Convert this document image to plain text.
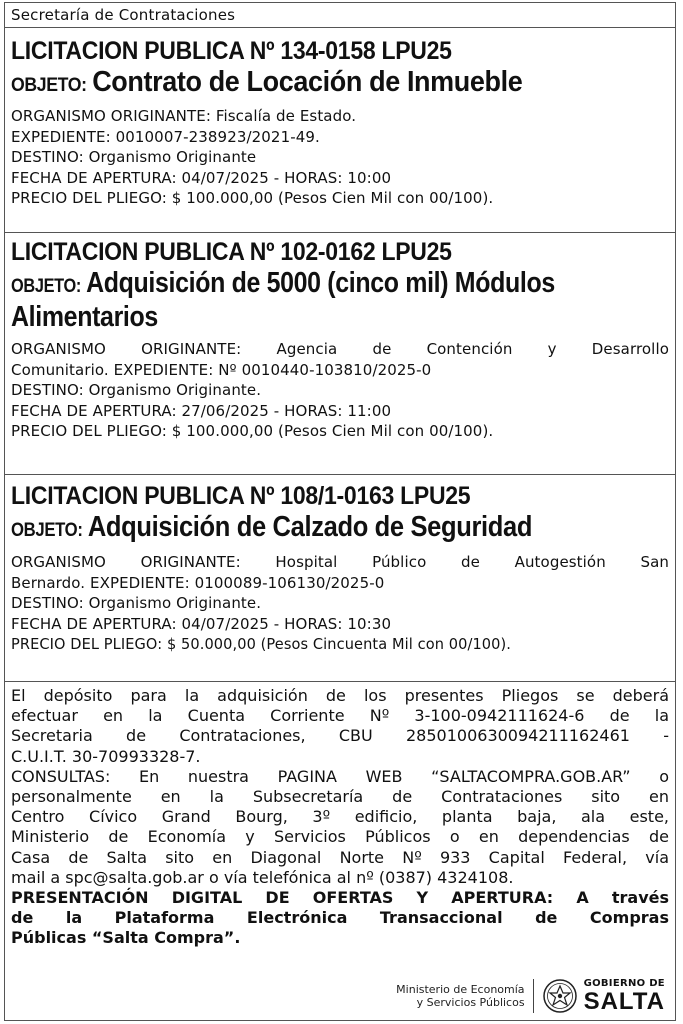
Secretaría de Contrataciones
LICITACION PUBLICA Nº 134-0158 LPU25
OBJETO: Contrato de Locación de Inmueble
ORGANISMO ORIGINANTE: Fiscalía de Estado.
EXPEDIENTE: 0010007-238923/2021-49.
DESTINO: Organismo Originante
FECHA DE APERTURA: 04/07/2025 - HORAS: 10:00
PRECIO DEL PLIEGO: $ 100.000,00 (Pesos Cien Mil con 00/100).
LICITACION PUBLICA Nº 102-0162 LPU25
OBJETO: Adquisición de 5000 (cinco mil) Módulos
Alimentarios
ORGANISMO ORIGINANTE: Agencia de Contención y Desarrollo
Comunitario. EXPEDIENTE: Nº 0010440-103810/2025-0
DESTINO: Organismo Originante.
FECHA DE APERTURA: 27/06/2025 - HORAS: 11:00
PRECIO DEL PLIEGO: $ 100.000,00 (Pesos Cien Mil con 00/100).
LICITACION PUBLICA Nº 108/1-0163 LPU25
OBJETO: Adquisición de Calzado de Seguridad
ORGANISMO ORIGINANTE: Hospital Público de Autogestión San
Bernardo. EXPEDIENTE: 0100089-106130/2025-0
DESTINO: Organismo Originante.
FECHA DE APERTURA: 04/07/2025 - HORAS: 10:30
PRECIO DEL PLIEGO: $ 50.000,00 (Pesos Cincuenta Mil con 00/100).
El depósito para la adquisición de los presentes Pliegos se deberá
efectuar en la Cuenta Corriente Nº 3-100-0942111624-6 de la
Secretaria de Contrataciones, CBU 2850100630094211162461 -
C.U.I.T. 30-70993328-7.
CONSULTAS: En nuestra PAGINA WEB “SALTACOMPRA.GOB.AR” o
personalmente en la Subsecretaría de Contrataciones sito en
Centro Cívico Grand Bourg, 3º edificio, planta baja, ala este,
Ministerio de Economía y Servicios Públicos o en dependencias de
Casa de Salta sito en Diagonal Norte Nº 933 Capital Federal, vía
mail a spc@salta.gob.ar o vía telefónica al nº (0387) 4324108.
PRESENTACIÓN DIGITAL DE OFERTAS Y APERTURA: A través
de la Plataforma Electrónica Transaccional de Compras
Públicas “Salta Compra”.
Ministerio de Economía
y Servicios Públicos
GOBIERNO DE
SALTA
